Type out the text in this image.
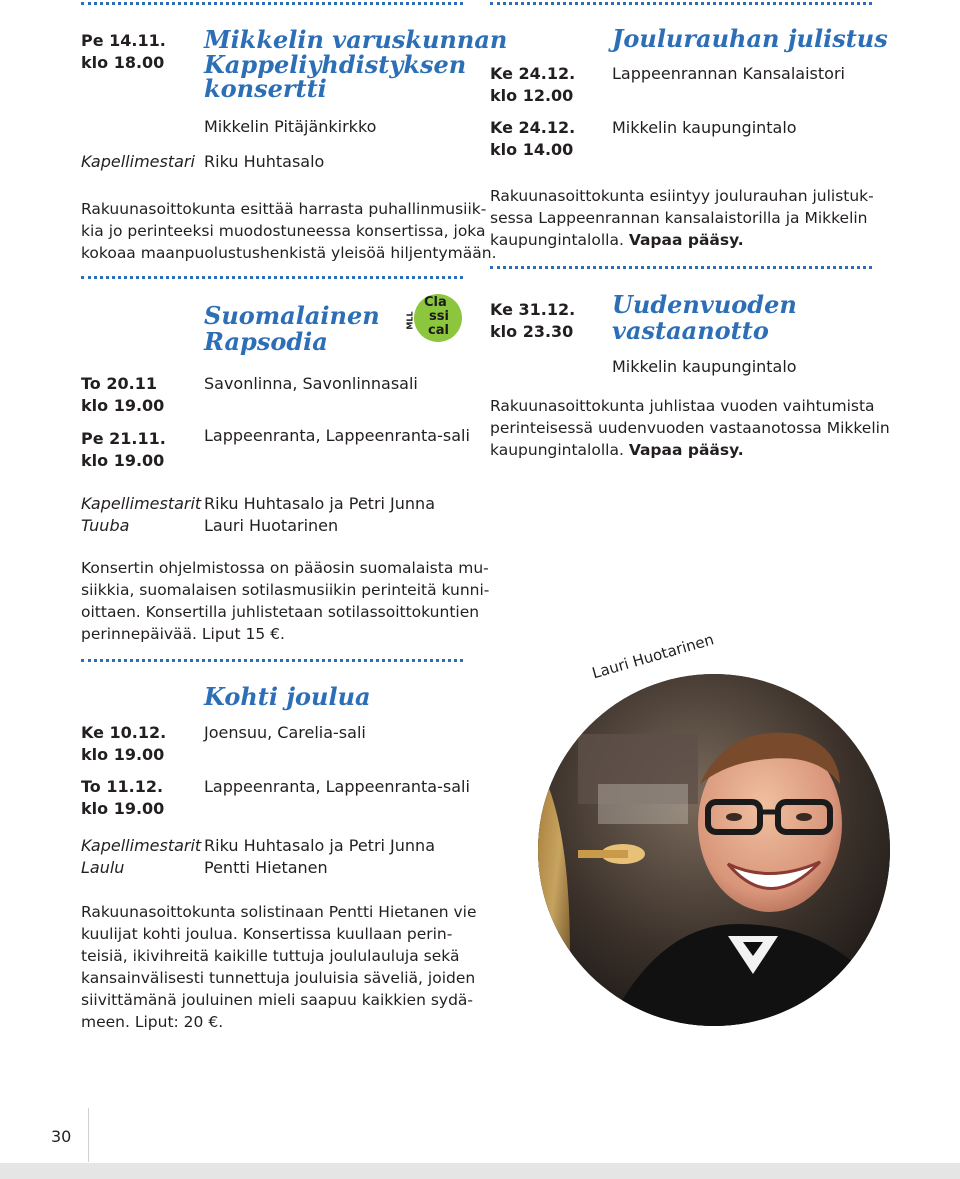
Pe 14.11.
klo 18.00
Mikkelin varuskunnan
Kappeliyhdistyksen
konsertti
Mikkelin Pitäjänkirkko
Kapellimestari Riku Huhtasalo
Rakuunasoittokunta esittää harrasta puhallinmusiik-
kia jo perinteeksi muodostuneessa konsertissa, joka
kokoaa maanpuolustushenkistä yleisöä hiljentymään.
Suomalainen
Rapsodia
MLL
Cla
ssi
cal
To 20.11
klo 19.00
Savonlinna, Savonlinnasali
Pe 21.11.
klo 19.00
Lappeenranta, Lappeenranta-sali
Kapellimestarit Riku Huhtasalo ja Petri Junna
Tuuba	Lauri Huotarinen
Konsertin ohjelmistossa on pääosin suomalaista mu-
siikkia, suomalaisen sotilasmusiikin perinteitä kunni-
oittaen. Konsertilla juhlistetaan sotilassoittokuntien
perinnepäivää. Liput 15 €.
Kohti joulua
Ke 10.12.
klo 19.00
Joensuu, Carelia-sali
To 11.12.
klo 19.00
Lappeenranta, Lappeenranta-sali
Kapellimestarit Riku Huhtasalo ja Petri Junna
Laulu	Pentti Hietanen
Rakuunasoittokunta solistinaan Pentti Hietanen vie
kuulijat kohti joulua. Konsertissa kuullaan perin-
teisiä, ikivihreitä kaikille tuttuja joululauluja sekä
kansainvälisesti tunnettuja jouluisia säveliä, joiden
siivittämänä jouluinen mieli saapuu kaikkien sydä-
meen. Liput: 20 €.
Joulurauhan julistus
Ke 24.12.
klo 12.00
Lappeenrannan Kansalaistori
Ke 24.12.
klo 14.00
Mikkelin kaupungintalo
Rakuunasoittokunta esiintyy joulurauhan julistuk-
sessa Lappeenrannan kansalaistorilla ja Mikkelin
kaupungintalolla. Vapaa pääsy.
Ke 31.12.
klo 23.30
Uudenvuoden
vastaanotto
Mikkelin kaupungintalo
Rakuunasoittokunta juhlistaa vuoden vaihtumista
perinteisessä uudenvuoden vastaanotossa Mikkelin
kaupungintalolla. Vapaa pääsy.
Lauri Huotarinen
30
